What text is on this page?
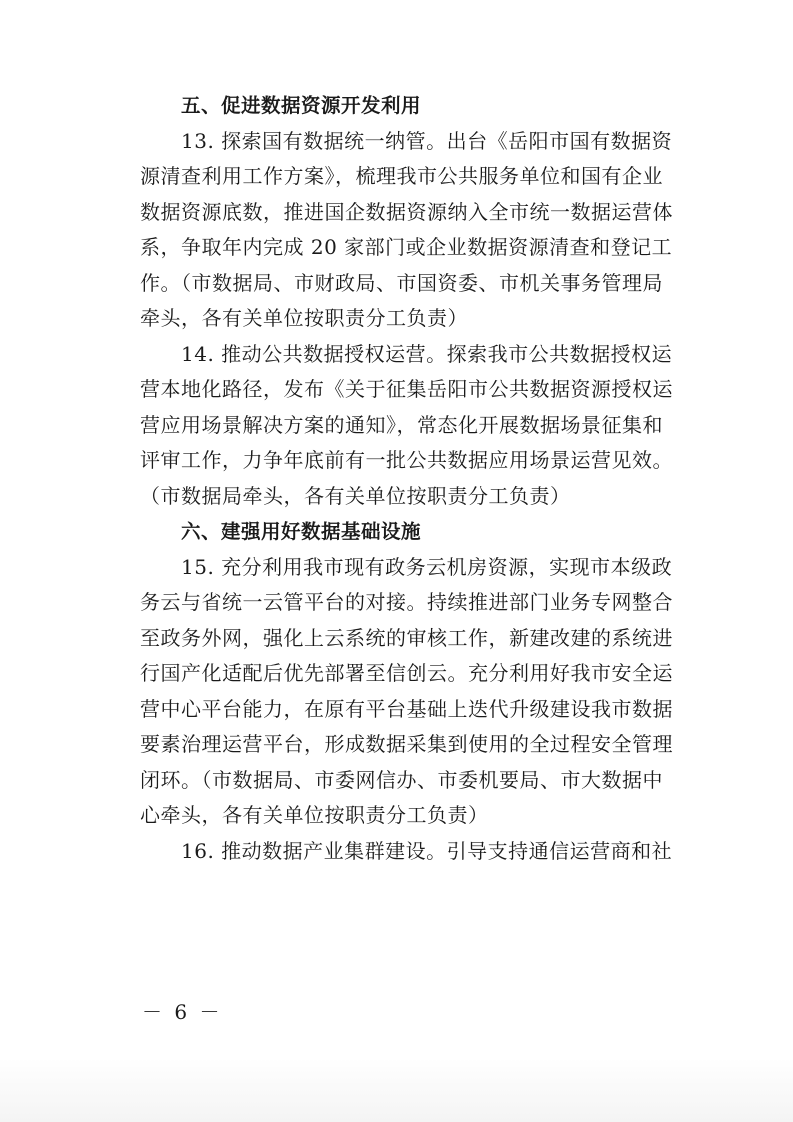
五、促进数据资源开发利用
13. 探索国有数据统一纳管。出台《岳阳市国有数据资
源清查利用工作方案》，梳理我市公共服务单位和国有企业
数据资源底数，推进国企数据资源纳入全市统一数据运营体
系，争取年内完成 20 家部门或企业数据资源清查和登记工
作。（市数据局、市财政局、市国资委、市机关事务管理局
牵头，各有关单位按职责分工负责）
14. 推动公共数据授权运营。探索我市公共数据授权运
营本地化路径，发布《关于征集岳阳市公共数据资源授权运
营应用场景解决方案的通知》，常态化开展数据场景征集和
评审工作，力争年底前有一批公共数据应用场景运营见效。
（市数据局牵头，各有关单位按职责分工负责）
六、建强用好数据基础设施
15. 充分利用我市现有政务云机房资源，实现市本级政
务云与省统一云管平台的对接。持续推进部门业务专网整合
至政务外网，强化上云系统的审核工作，新建改建的系统进
行国产化适配后优先部署至信创云。充分利用好我市安全运
营中心平台能力，在原有平台基础上迭代升级建设我市数据
要素治理运营平台，形成数据采集到使用的全过程安全管理
闭环。（市数据局、市委网信办、市委机要局、市大数据中
心牵头，各有关单位按职责分工负责）
16. 推动数据产业集群建设。引导支持通信运营商和社
－ 6 －
